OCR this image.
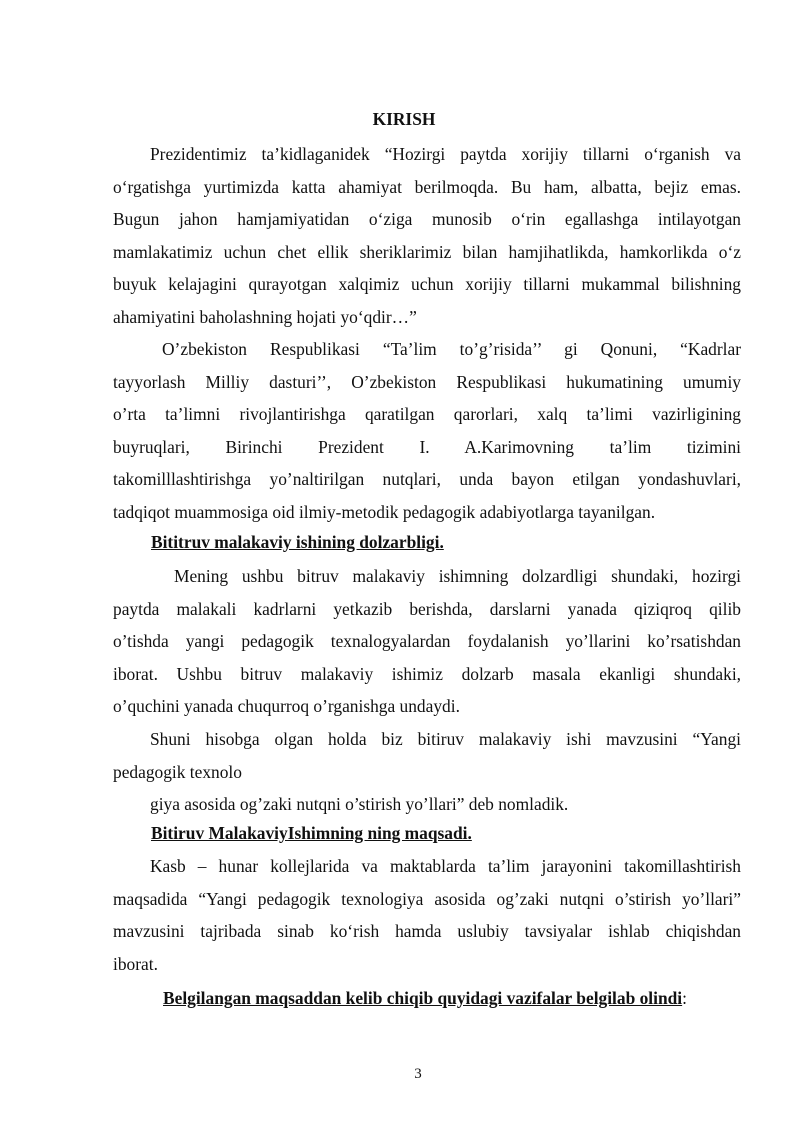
KIRISH
Prezidentimiz ta’kidlaganidek “Hozirgi paytda xorijiy tillarni o‘rganish va
o‘rgatishga yurtimizda katta ahamiyat berilmoqda. Bu ham, albatta, bejiz emas.
Bugun jahon hamjamiyatidan o‘ziga munosib o‘rin egallashga intilayotgan
mamlakatimiz uchun chet ellik sheriklarimiz bilan hamjihatlikda, hamkorlikda o‘z
buyuk kelajagini qurayotgan xalqimiz uchun xorijiy tillarni mukammal bilishning
ahamiyatini baholashning hojati yo‘qdir…”
O’zbekiston Respublikasi “Ta’lim to’g’risida’’ gi Qonuni, “Kadrlar
tayyorlash Milliy dasturi’’, O’zbekiston Respublikasi hukumatining umumiy
o’rta ta’limni rivojlantirishga qaratilgan qarorlari, xalq ta’limi vazirligining
buyruqlari, Birinchi Prezident I. A.Karimovning ta’lim tizimini
takomilllashtirishga yo’naltirilgan nutqlari, unda bayon etilgan yondashuvlari,
tadqiqot muammosiga oid ilmiy-metodik pedagogik adabiyotlarga tayanilgan.
Bititruv malakaviy ishining dolzarbligi.
Mening ushbu bitruv malakaviy ishimning dolzardligi shundaki, hozirgi
paytda malakali kadrlarni yetkazib berishda, darslarni yanada qiziqroq qilib
o’tishda yangi pedagogik texnalogyalardan foydalanish yo’llarini ko’rsatishdan
iborat. Ushbu bitruv malakaviy ishimiz dolzarb masala ekanligi shundaki,
o’quchini yanada chuqurroq o’rganishga undaydi.
Shuni hisobga olgan holda biz bitiruv malakaviy ishi mavzusini “Yangi
pedagogik texnolo
giya asosida og’zaki nutqni o’stirish yo’llari” deb nomladik.
Bitiruv MalakaviyIshimning ning maqsadi.
Kasb – hunar kollejlarida va maktablarda ta’lim jarayonini takomillashtirish
maqsadida “Yangi pedagogik texnologiya asosida og’zaki nutqni o’stirish yo’llari”
mavzusini tajribada sinab ko‘rish hamda uslubiy tavsiyalar ishlab chiqishdan
iborat.
Belgilangan maqsaddan kelib chiqib quyidagi vazifalar belgilab olindi:
3
